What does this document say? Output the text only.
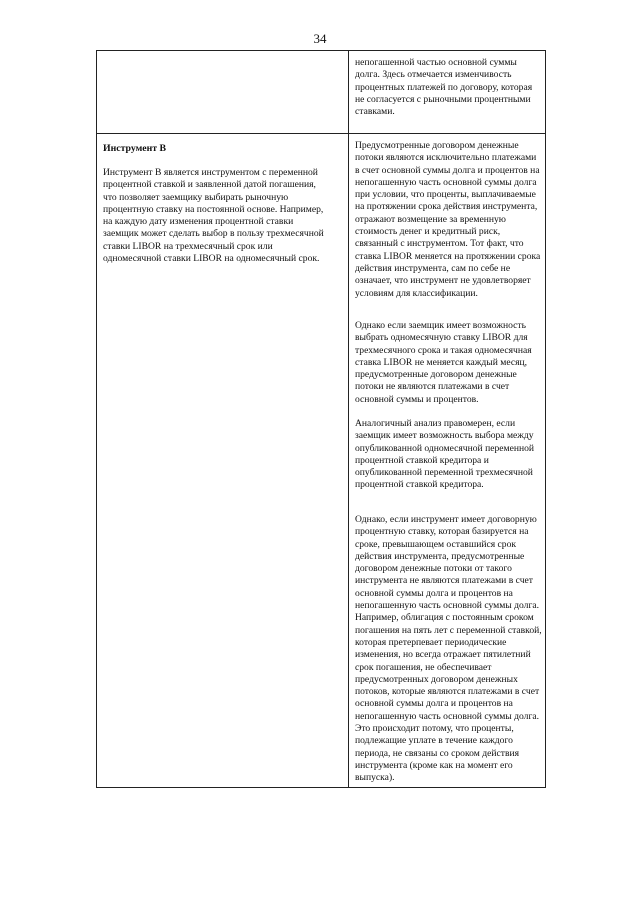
34

непогашенной частью основной суммы долга. Здесь отмечается изменчивость процентных платежей по договору, которая не согласуется с рыночными процентными ставками.

Инструмент B

Инструмент B является инструментом с переменной процентной ставкой и заявленной датой погашения, что позволяет заемщику выбирать рыночную процентную ставку на постоянной основе. Например, на каждую дату изменения процентной ставки заемщик может сделать выбор в пользу трехмесячной ставки LIBOR на трехмесячный срок или одномесячной ставки LIBOR на одномесячный срок.

Предусмотренные договором денежные потоки являются исключительно платежами в счет основной суммы долга и процентов на непогашенную часть основной суммы долга при условии, что проценты, выплачиваемые на протяжении срока действия инструмента, отражают возмещение за временную стоимость денег и кредитный риск, связанный с инструментом. Тот факт, что ставка LIBOR меняется на протяжении срока действия инструмента, сам по себе не означает, что инструмент не удовлетворяет условиям для классификации.

Однако если заемщик имеет возможность выбрать одномесячную ставку LIBOR для трехмесячного срока и такая одномесячная ставка LIBOR не меняется каждый месяц, предусмотренные договором денежные потоки не являются платежами в счет основной суммы и процентов.

Аналогичный анализ правомерен, если заемщик имеет возможность выбора между опубликованной одномесячной переменной процентной ставкой кредитора и опубликованной переменной трехмесячной процентной ставкой кредитора.

Однако, если инструмент имеет договорную процентную ставку, которая базируется на сроке, превышающем оставшийся срок действия инструмента, предусмотренные договором денежные потоки от такого инструмента не являются платежами в счет основной суммы долга и процентов на непогашенную часть основной суммы долга. Например, облигация с постоянным сроком погашения на пять лет с переменной ставкой, которая претерпевает периодические изменения, но всегда отражает пятилетний срок погашения, не обеспечивает предусмотренных договором денежных потоков, которые являются платежами в счет основной суммы долга и процентов на непогашенную часть основной суммы долга. Это происходит потому, что проценты, подлежащие уплате в течение каждого периода, не связаны со сроком действия инструмента (кроме как на момент его выпуска).
